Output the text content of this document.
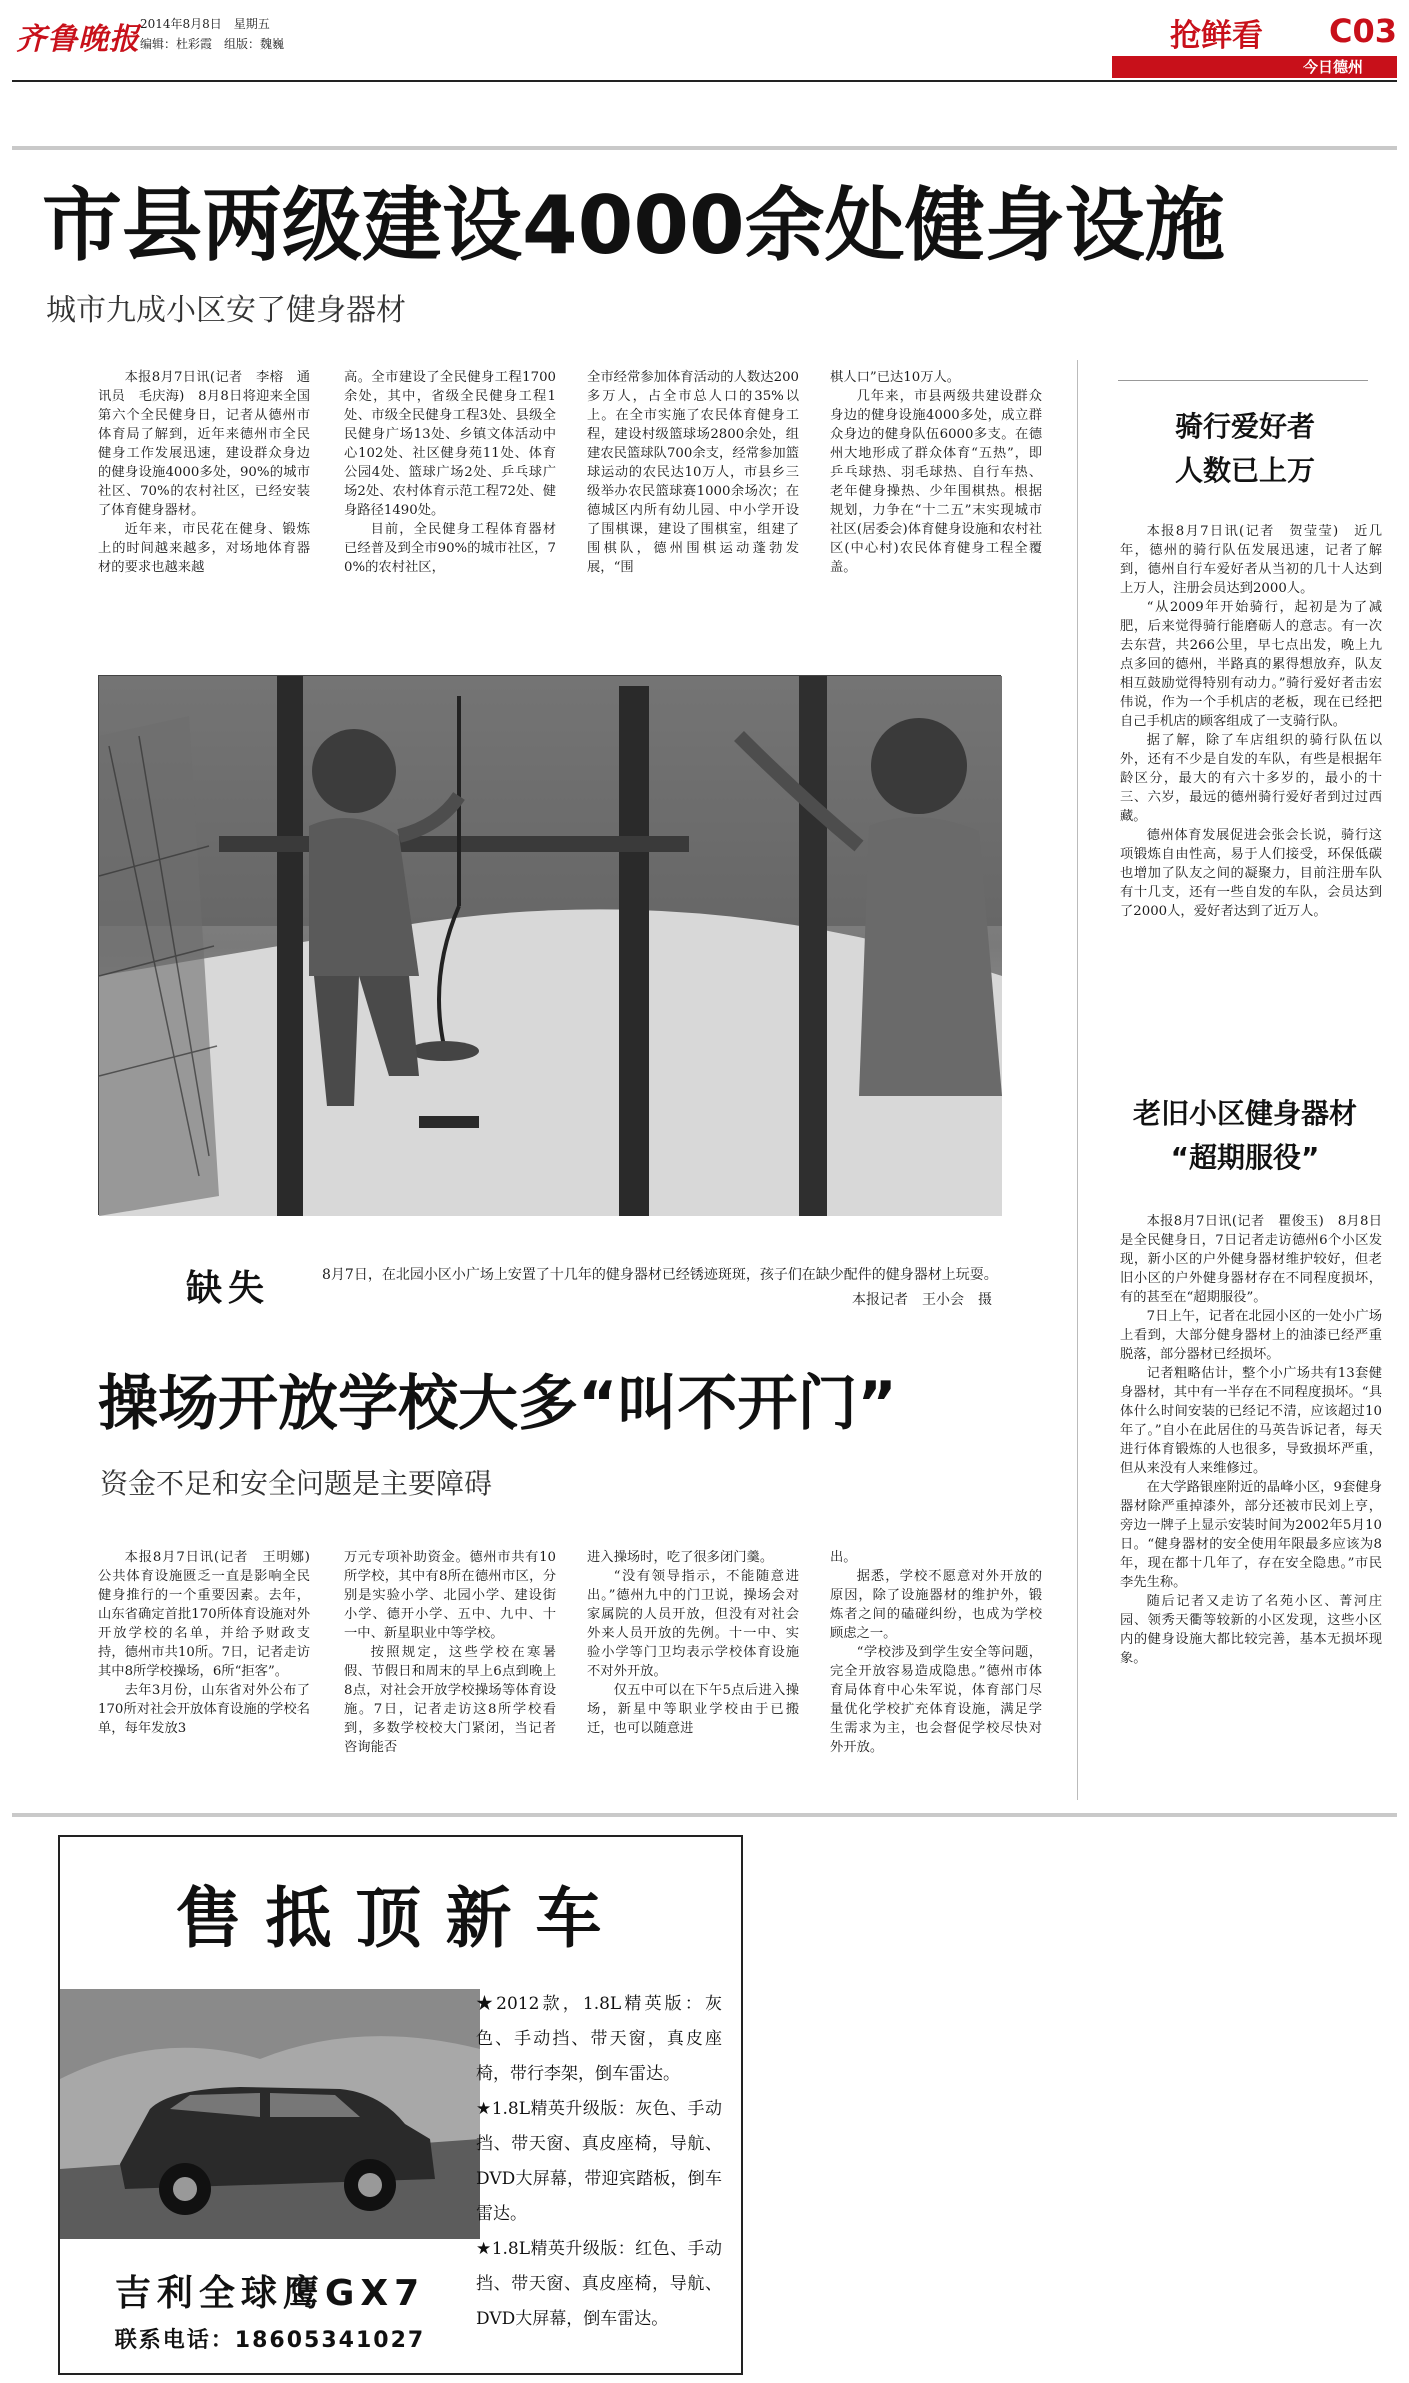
齐鲁晚报 2014年8月8日　星期五
编辑：杜彩霞　组版：魏巍	抢鲜看 C03
今日德州
市县两级建设4000余处健身设施
城市九成小区安了健身器材

本报8月7日讯(记者　李榕　通讯员　毛庆海)　8月8日将迎来全国第六个全民健身日，记者从德州市体育局了解到，近年来德州市全民健身工作发展迅速，建设群众身边的健身设施4000多处，90%的城市社区、70%的农村社区，已经安装了体育健身器材。

近年来，市民花在健身、锻炼上的时间越来越多，对场地体育器材的要求也越来越

高。全市建设了全民健身工程1700余处，其中，省级全民健身工程1处、市级全民健身工程3处、县级全民健身广场13处、乡镇文体活动中心102处、社区健身苑11处、体育公园4处、篮球广场2处、乒乓球广场2处、农村体育示范工程72处、健身路径1490处。

目前，全民健身工程体育器材已经普及到全市90%的城市社区，70%的农村社区，

全市经常参加体育活动的人数达200多万人，占全市总人口的35%以上。在全市实施了农民体育健身工程，建设村级篮球场2800余处，组建农民篮球队700余支，经常参加篮球运动的农民达10万人，市县乡三级举办农民篮球赛1000余场次；在德城区内所有幼儿园、中小学开设了围棋课，建设了围棋室，组建了围棋队，德州围棋运动蓬勃发展，“围

棋人口”已达10万人。

几年来，市县两级共建设群众身边的健身设施4000多处，成立群众身边的健身队伍6000多支。在德州大地形成了群众体育“五热”，即乒乓球热、羽毛球热、自行车热、老年健身操热、少年围棋热。根据规划，力争在“十二五”末实现城市社区(居委会)体育健身设施和农村社区(中心村)农民体育健身工程全覆盖。

缺失	8月7日，在北园小区小广场上安置了十几年的健身器材已经锈迹斑斑，孩子们在缺少配件的健身器材上玩耍。
本报记者　王小会　摄
操场开放学校大多“叫不开门”
资金不足和安全问题是主要障碍

本报8月7日讯(记者　王明娜)　公共体育设施匮乏一直是影响全民健身推行的一个重要因素。去年，山东省确定首批170所体育设施对外开放学校的名单，并给予财政支持，德州市共10所。7日，记者走访其中8所学校操场，6所“拒客”。

去年3月份，山东省对外公布了170所对社会开放体育设施的学校名单，每年发放3

万元专项补助资金。德州市共有10所学校，其中有8所在德州市区，分别是实验小学、北园小学、建设街小学、德开小学、五中、九中、十一中、新星职业中等学校。

按照规定，这些学校在寒暑假、节假日和周末的早上6点到晚上8点，对社会开放学校操场等体育设施。7日，记者走访这8所学校看到，多数学校校大门紧闭，当记者咨询能否

进入操场时，吃了很多闭门羹。

“没有领导指示，不能随意进出。”德州九中的门卫说，操场会对家属院的人员开放，但没有对社会外来人员开放的先例。十一中、实验小学等门卫均表示学校体育设施不对外开放。

仅五中可以在下午5点后进入操场，新星中等职业学校由于已搬迁，也可以随意进

出。

据悉，学校不愿意对外开放的原因，除了设施器材的维护外，锻炼者之间的磕碰纠纷，也成为学校顾虑之一。

“学校涉及到学生安全等问题，完全开放容易造成隐患。”德州市体育局体育中心朱军说，体育部门尽量优化学校扩充体育设施，满足学生需求为主，也会督促学校尽快对外开放。

骑行爱好者
人数已上万

本报8月7日讯(记者　贺莹莹)　近几年，德州的骑行队伍发展迅速，记者了解到，德州自行车爱好者从当初的几十人达到上万人，注册会员达到2000人。

“从2009年开始骑行，起初是为了减肥，后来觉得骑行能磨砺人的意志。有一次去东营，共266公里，早七点出发，晚上九点多回的德州，半路真的累得想放弃，队友相互鼓励觉得特别有动力。”骑行爱好者击宏伟说，作为一个手机店的老板，现在已经把自己手机店的顾客组成了一支骑行队。

据了解，除了车店组织的骑行队伍以外，还有不少是自发的车队，有些是根据年龄区分，最大的有六十多岁的，最小的十三、六岁，最远的德州骑行爱好者到过过西藏。

德州体育发展促进会张会长说，骑行这项锻炼自由性高，易于人们接受，环保低碳也增加了队友之间的凝聚力，目前注册车队有十几支，还有一些自发的车队，会员达到了2000人，爱好者达到了近万人。

老旧小区健身器材
“超期服役”

本报8月7日讯(记者　瞿俊玉)　8月8日是全民健身日，7日记者走访德州6个小区发现，新小区的户外健身器材维护较好，但老旧小区的户外健身器材存在不同程度损坏，有的甚至在“超期服役”。

7日上午，记者在北园小区的一处小广场上看到，大部分健身器材上的油漆已经严重脱落，部分器材已经损坏。

记者粗略估计，整个小广场共有13套健身器材，其中有一半存在不同程度损坏。“具体什么时间安装的已经记不清，应该超过10年了。”自小在此居住的马英告诉记者，每天进行体育锻炼的人也很多，导致损坏严重，但从来没有人来维修过。

在大学路银座附近的晶峰小区，9套健身器材除严重掉漆外，部分还被市民刘上亨，旁边一牌子上显示安装时间为2002年5月10日。“健身器材的安全使用年限最多应该为8年，现在都十几年了，存在安全隐患。”市民李先生称。

随后记者又走访了名苑小区、菁河庄园、领秀天衢等较新的小区发现，这些小区内的健身设施大都比较完善，基本无损坏现象。

售抵顶新车
吉利全球鹰GX7
联系电话：18605341027
★2012款，1.8L精英版：灰色、手动挡、带天窗，真皮座椅，带行李架，倒车雷达。
★1.8L精英升级版：灰色、手动挡、带天窗、真皮座椅，导航、DVD大屏幕，带迎宾踏板，倒车雷达。
★1.8L精英升级版：红色、手动挡、带天窗、真皮座椅，导航、DVD大屏幕，倒车雷达。
